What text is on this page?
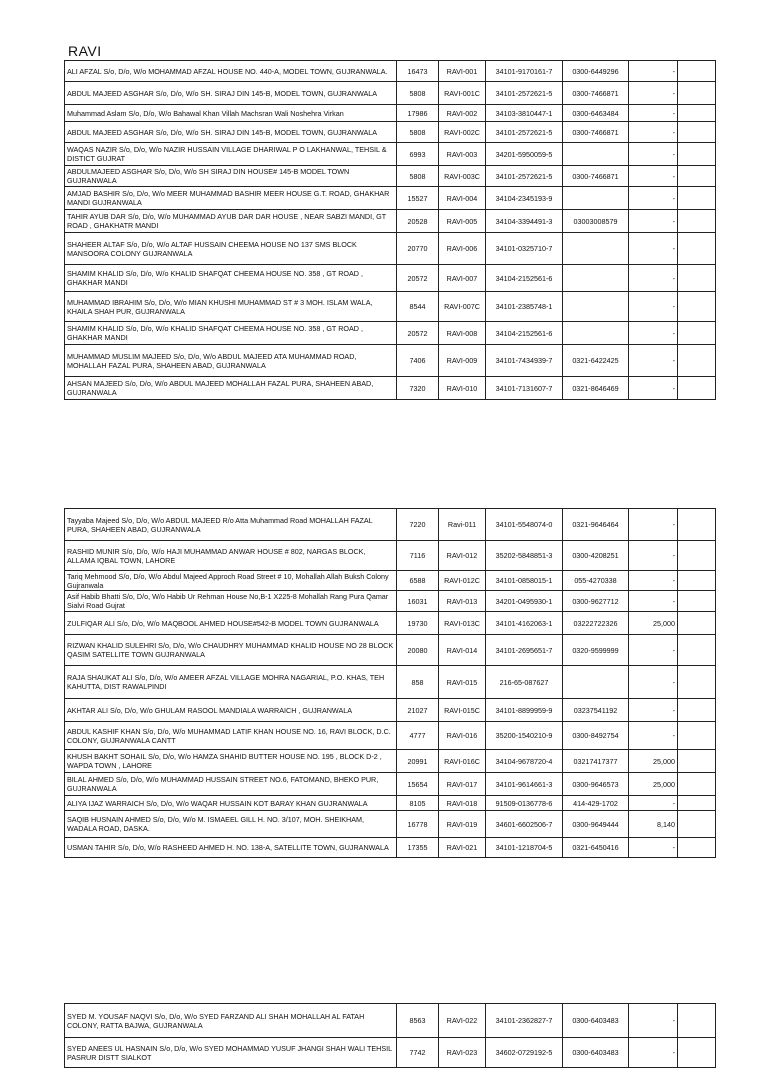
RAVI
ALI AFZAL S/o, D/o, W/o MOHAMMAD AFZAL HOUSE NO. 440-A, MODEL TOWN, GUJRANWALA.	16473	RAVI-001	34101-9170161-7	0300-6449296	-	
ABDUL MAJEED ASGHAR S/o, D/o, W/o SH. SIRAJ DIN 145-B, MODEL TOWN, GUJRANWALA	5808	RAVI-001C	34101-2572621-5	0300-7466871	-	
Muhammad Aslam S/o, D/o, W/o Bahawal Khan Villah Machsran Wali Noshehra Virkan	17986	RAVI-002	34103-3810447-1	0300-6463484	-	
ABDUL MAJEED ASGHAR S/o, D/o, W/o SH. SIRAJ DIN 145-B, MODEL TOWN, GUJRANWALA	5808	RAVI-002C	34101-2572621-5	0300-7466871	-	
WAQAS NAZIR S/o, D/o, W/o NAZIR HUSSAIN VILLAGE DHARIWAL P O LAKHANWAL, TEHSIL & DISTICT GUJRAT	6993	RAVI-003	34201-5950059-5		-	
ABDULMAJEED ASGHAR S/o, D/o, W/o SH SIRAJ DIN HOUSE# 145-B MODEL TOWN GUJRANWALA	5808	RAVI-003C	34101-2572621-5	0300-7466871	-	
AMJAD BASHIR S/o, D/o, W/o MEER MUHAMMAD BASHIR MEER HOUSE G.T. ROAD, GHAKHAR MANDI GUJRANWALA	15527	RAVI-004	34104-2345193-9		-	
TAHIR AYUB DAR S/o, D/o, W/o MUHAMMAD AYUB DAR DAR HOUSE , NEAR SABZI MANDI, GT ROAD , GHAKHATR MANDI	20528	RAVI-005	34104-3394491-3	03003008579	-	
SHAHEER ALTAF S/o, D/o, W/o ALTAF HUSSAIN CHEEMA HOUSE NO 137 SMS BLOCK MANSOORA COLONY GUJRANWALA	20770	RAVI-006	34101-0325710-7		-	
SHAMIM KHALID S/o, D/o, W/o KHALID SHAFQAT CHEEMA HOUSE NO. 358 , GT ROAD , GHAKHAR MANDI	20572	RAVI-007	34104-2152561-6		-	
MUHAMMAD IBRAHIM S/o, D/o, W/o MIAN KHUSHI MUHAMMAD ST # 3 MOH. ISLAM WALA, KHAILA SHAH PUR, GUJRANWALA	8544	RAVI-007C	34101-2385748-1		-	
SHAMIM KHALID S/o, D/o, W/o KHALID SHAFQAT CHEEMA HOUSE NO. 358 , GT ROAD , GHAKHAR MANDI	20572	RAVI-008	34104-2152561-6		-	
MUHAMMAD MUSLIM MAJEED S/o, D/o, W/o ABDUL MAJEED ATA MUHAMMAD ROAD, MOHALLAH FAZAL PURA, SHAHEEN ABAD, GUJRANWALA	7406	RAVI-009	34101-7434939-7	0321-6422425	-	
AHSAN MAJEED S/o, D/o, W/o ABDUL MAJEED MOHALLAH FAZAL PURA, SHAHEEN ABAD, GUJRANWALA	7320	RAVI-010	34101-7131607-7	0321-8646469	-	
Tayyaba Majeed S/o, D/o, W/o ABDUL MAJEED R/o Atta Muhammad Road MOHALLAH FAZAL PURA, SHAHEEN ABAD, GUJRANWALA	7220	Ravi-011	34101-5548074-0	0321-9646464	-	
RASHID MUNIR S/o, D/o, W/o HAJI MUHAMMAD ANWAR HOUSE # 802, NARGAS BLOCK, ALLAMA IQBAL TOWN, LAHORE	7116	RAVI-012	35202-5848851-3	0300-4208251	-	
Tariq Mehmood S/o, D/o, W/o Abdul Majeed Approch Road Street # 10, Mohallah Allah Buksh Colony Gujranwala	6588	RAVI-012C	34101-0858015-1	055-4270338	-	
Asif Habib Bhatti S/o, D/o, W/o Habib Ur Rehman House No,B-1 X225-8 Mohallah Rang Pura Qamar Sialvi Road Gujrat	16031	RAVI-013	34201-0495930-1	0300-9627712	-	
ZULFIQAR ALI S/o, D/o, W/o MAQBOOL AHMED HOUSE#542-B MODEL TOWN GUJRANWALA	19730	RAVI-013C	34101-4162063-1	03222722326	25,000	
RIZWAN KHALID SULEHRI S/o, D/o, W/o CHAUDHRY MUHAMMAD KHALID HOUSE NO 28 BLOCK QASIM SATELLITE TOWN GUJRANWALA	20080	RAVI-014	34101-2695651-7	0320-9599999	-	
RAJA SHAUKAT ALI S/o, D/o, W/o AMEER AFZAL VILLAGE MOHRA NAGARIAL, P.O. KHAS, TEH KAHUTTA, DIST RAWALPINDI	858	RAVI-015	216-65-087627		-	
AKHTAR ALI S/o, D/o, W/o GHULAM RASOOL MANDIALA WARRAICH , GUJRANWALA	21027	RAVI-015C	34101-8899959-9	03237541192	-	
ABDUL KASHIF KHAN S/o, D/o, W/o MUHAMMAD LATIF KHAN HOUSE NO. 16, RAVI BLOCK, D.C. COLONY, GUJRANWALA CANTT	4777	RAVI-016	35200-1540210-9	0300-8492754	-	
KHUSH BAKHT SOHAIL S/o, D/o, W/o HAMZA SHAHID BUTTER HOUSE NO. 195 , BLOCK D-2 , WAPDA TOWN , LAHORE	20991	RAVI-016C	34104-9678720-4	03217417377	25,000	
BILAL AHMED S/o, D/o, W/o MUHAMMAD HUSSAIN STREET NO.6, FATOMAND, BHEKO PUR, GUJRANWALA	15654	RAVI-017	34101-9614661-3	0300-9646573	25,000	
ALIYA IJAZ WARRAICH S/o, D/o, W/o WAQAR HUSSAIN KOT BARAY KHAN GUJRANWALA	8105	RAVI-018	91509-0136778-6	414-429-1702	-	
SAQIB HUSNAIN AHMED S/o, D/o, W/o M. ISMAEEL GILL H. NO. 3/107, MOH. SHEIKHAM, WADALA ROAD, DASKA.	16778	RAVI-019	34601-6602506-7	0300-9649444	8,140	
USMAN TAHIR S/o, D/o, W/o RASHEED AHMED H. NO. 138-A, SATELLITE TOWN, GUJRANWALA	17355	RAVI-021	34101-1218704-5	0321-6450416	-	
SYED M. YOUSAF NAQVI S/o, D/o, W/o SYED FARZAND ALI SHAH MOHALLAH AL FATAH COLONY, RATTA BAJWA, GUJRANWALA	8563	RAVI-022	34101-2362827-7	0300-6403483	-	
SYED ANEES UL HASNAIN S/o, D/o, W/o SYED MOHAMMAD YUSUF JHANGI SHAH WALI TEHSIL PASRUR DISTT SIALKOT	7742	RAVI-023	34602-0729192-5	0300-6403483	-	
